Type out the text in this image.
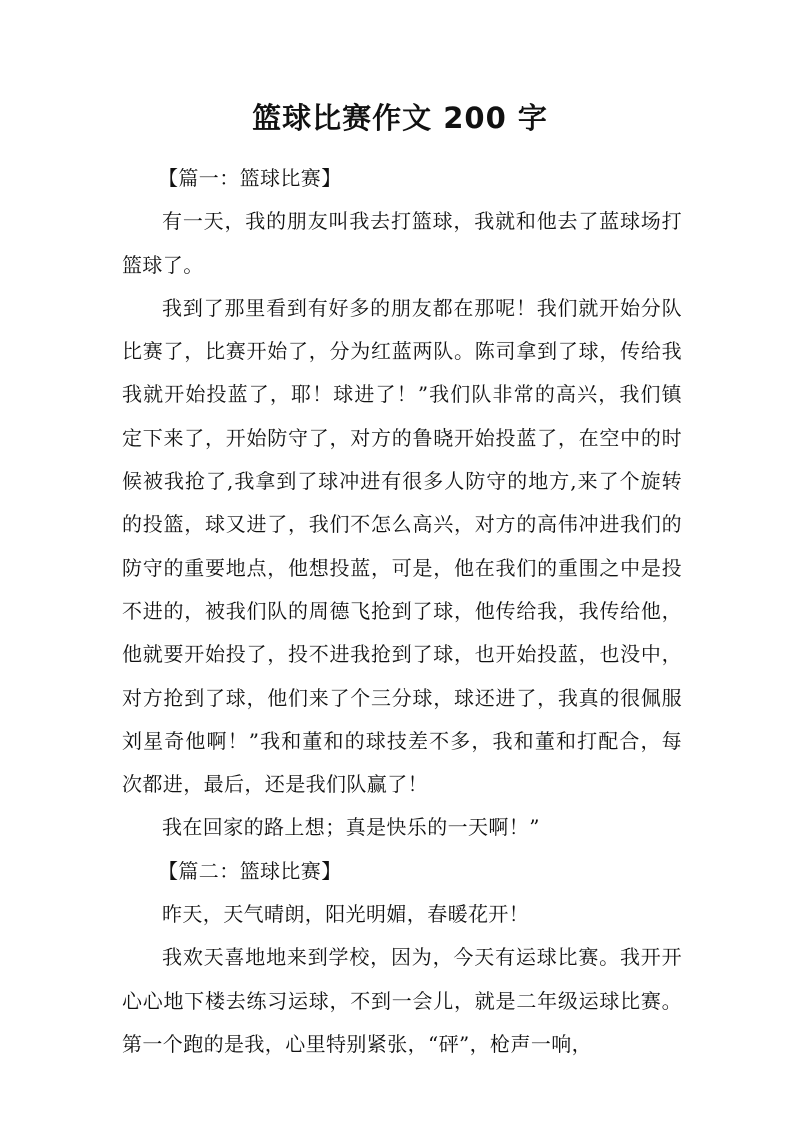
篮球比赛作文 200 字

【篇一：篮球比赛】

有一天，我的朋友叫我去打篮球，我就和他去了蓝球场打篮球了。

我到了那里看到有好多的朋友都在那呢！我们就开始分队比赛了，比赛开始了，分为红蓝两队。陈司拿到了球，传给我我就开始投蓝了，耶！球进了！”我们队非常的高兴，我们镇定下来了，开始防守了，对方的鲁晓开始投蓝了，在空中的时候被我抢了,我拿到了球冲进有很多人防守的地方,来了个旋转的投篮，球又进了，我们不怎么高兴，对方的高伟冲进我们的防守的重要地点，他想投蓝，可是，他在我们的重围之中是投不进的，被我们队的周德飞抢到了球，他传给我，我传给他，他就要开始投了，投不进我抢到了球，也开始投蓝，也没中，对方抢到了球，他们来了个三分球，球还进了，我真的很佩服刘星奇他啊！”我和董和的球技差不多，我和董和打配合，每次都进，最后，还是我们队赢了！

我在回家的路上想；真是快乐的一天啊！”

【篇二：篮球比赛】

昨天，天气晴朗，阳光明媚，春暖花开！

我欢天喜地地来到学校，因为，今天有运球比赛。我开开心心地下楼去练习运球，不到一会儿，就是二年级运球比赛。第一个跑的是我，心里特别紧张，“砰”，枪声一响，
